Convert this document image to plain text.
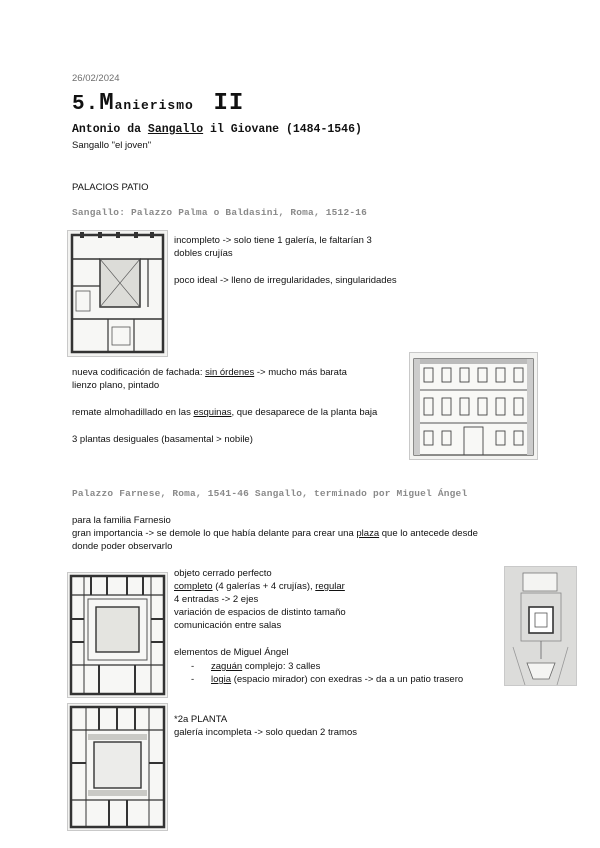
26/02/2024
5.Manierismo II
Antonio da Sangallo il Giovane (1484-1546)
Sangallo "el joven"
PALACIOS PATIO
Sangallo: Palazzo Palma o Baldasini, Roma, 1512-16
incompleto -> solo tiene 1 galería, le faltarían 3
dobles crujías
poco ideal -> lleno de irregularidades, singularidades
nueva codificación de fachada: sin órdenes -> mucho más barata
lienzo plano, pintado
remate almohadillado en las esquinas, que desaparece de la planta baja
3 plantas desiguales (basamental > nobile)
Palazzo Farnese, Roma, 1541-46 Sangallo, terminado por Miguel Ángel
para la familia Farnesio
gran importancia -> se demole lo que había delante para crear una plaza que lo antecede desde
donde poder observarlo
objeto cerrado perfecto
completo (4 galerías + 4 crujías), regular
4 entradas -> 2 ejes
variación de espacios de distinto tamaño
comunicación entre salas
elementos de Miguel Ángel
- zaguán complejo: 3 calles
- logia (espacio mirador) con exedras -> da a un patio trasero
*2a PLANTA
galería incompleta -> solo quedan 2 tramos
